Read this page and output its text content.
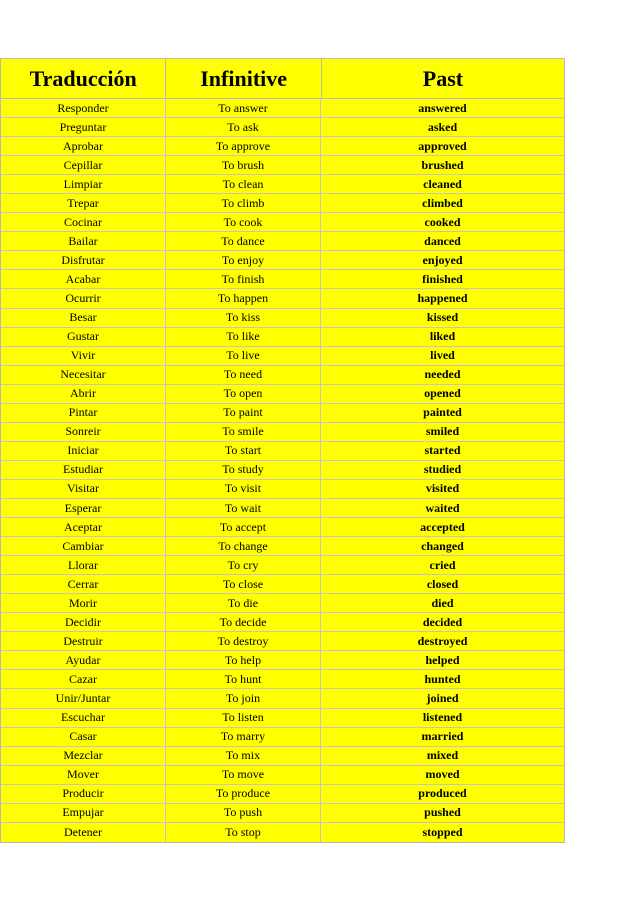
Traducción	Infinitive	Past
Responder	To answer	answered
Preguntar	To ask	asked
Aprobar	To approve	approved
Cepillar	To brush	brushed
Limpiar	To clean	cleaned
Trepar	To climb	climbed
Cocinar	To cook	cooked
Bailar	To dance	danced
Disfrutar	To enjoy	enjoyed
Acabar	To finish	finished
Ocurrir	To happen	happened
Besar	To kiss	kissed
Gustar	To like	liked
Vivir	To live	lived
Necesitar	To need	needed
Abrir	To open	opened
Pintar	To paint	painted
Sonreir	To smile	smiled
Iniciar	To start	started
Estudiar	To study	studied
Visitar	To visit	visited
Esperar	To wait	waited
Aceptar	To accept	accepted
Cambiar	To change	changed
Llorar	To cry	cried
Cerrar	To close	closed
Morir	To die	died
Decidir	To decide	decided
Destruir	To destroy	destroyed
Ayudar	To help	helped
Cazar	To hunt	hunted
Unir/Juntar	To join	joined
Escuchar	To listen	listened
Casar	To marry	married
Mezclar	To mix	mixed
Mover	To move	moved
Producir	To produce	produced
Empujar	To push	pushed
Detener	To stop	stopped
